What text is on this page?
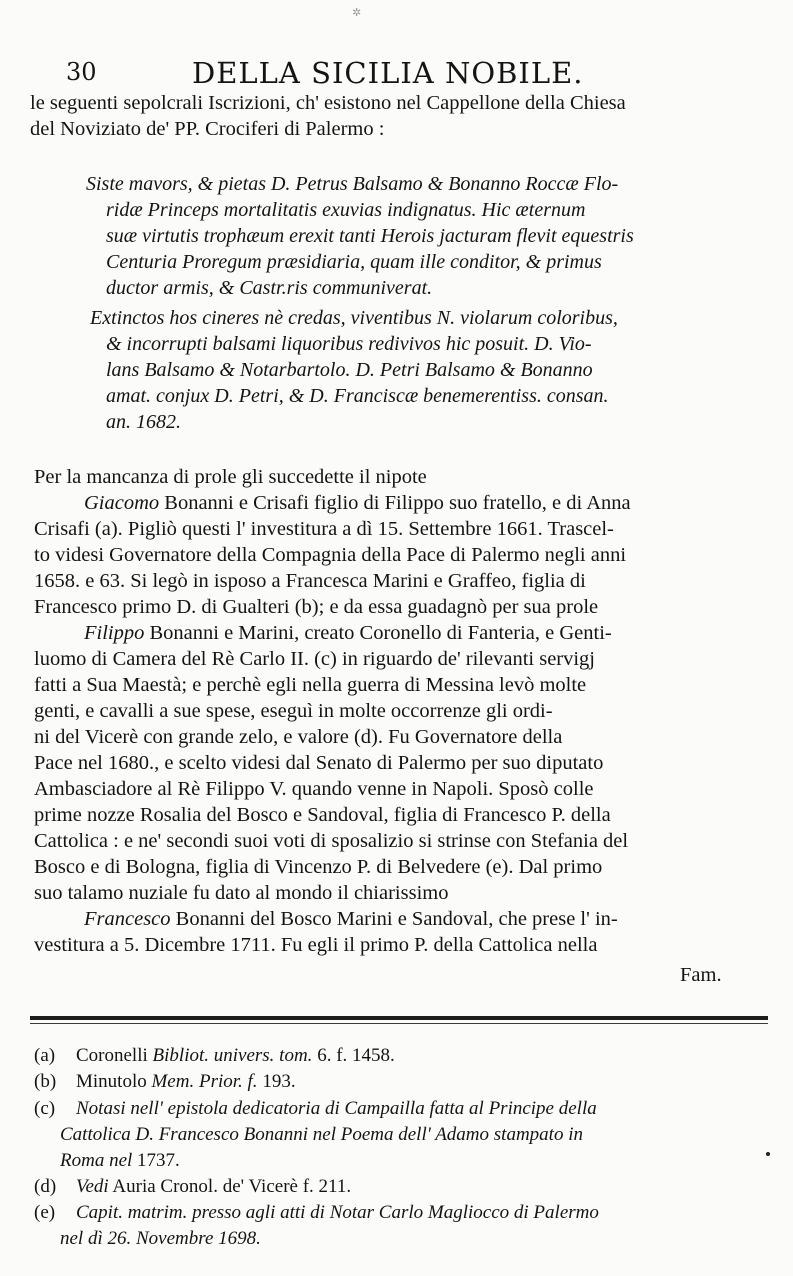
✲
30	DELLA SICILIA NOBILE.
le seguenti sepolcrali Iscrizioni, ch' esistono nel Cappellone della Chiesa
del Noviziato de' PP. Crociferi di Palermo :
Siste mavors, & pietas D. Petrus Balsamo & Bonanno Roccæ Flo-
ridæ Princeps mortalitatis exuvias indignatus. Hic æternum
suæ virtutis trophæum erexit tanti Herois jacturam flevit equestris
Centuria Proregum præsidiaria, quam ille conditor, & primus
ductor armis, & Castr.ris communiverat.
Extinctos hos cineres nè credas, viventibus N. violarum coloribus,
& incorrupti balsami liquoribus redivivos hic posuit. D. Vio-
lans Balsamo & Notarbartolo. D. Petri Balsamo & Bonanno
amat. conjux D. Petri, & D. Franciscæ benemerentiss. consan.
an. 1682.
Per la mancanza di prole gli succedette il nipote
Giacomo Bonanni e Crisafi figlio di Filippo suo fratello, e di Anna
Crisafi (a). Pigliò questi l' investitura a dì 15. Settembre 1661. Trascel-
to videsi Governatore della Compagnia della Pace di Palermo negli anni
1658. e 63. Si legò in isposo a Francesca Marini e Graffeo, figlia di
Francesco primo D. di Gualteri (b); e da essa guadagnò per sua prole
Filippo Bonanni e Marini, creato Coronello di Fanteria, e Genti-
luomo di Camera del Rè Carlo II. (c) in riguardo de' rilevanti servigj
fatti a Sua Maestà; e perchè egli nella guerra di Messina levò molte
genti, e cavalli a sue spese, eseguì in molte occorrenze gli ordi-
ni del Vicerè con grande zelo, e valore (d). Fu Governatore della
Pace nel 1680., e scelto videsi dal Senato di Palermo per suo diputato
Ambasciadore al Rè Filippo V. quando venne in Napoli. Sposò colle
prime nozze Rosalia del Bosco e Sandoval, figlia di Francesco P. della
Cattolica : e ne' secondi suoi voti di sposalizio si strinse con Stefania del
Bosco e di Bologna, figlia di Vincenzo P. di Belvedere (e). Dal primo
suo talamo nuziale fu dato al mondo il chiarissimo
Francesco Bonanni del Bosco Marini e Sandoval, che prese l' in-
vestitura a 5. Dicembre 1711. Fu egli il primo P. della Cattolica nella
Fam.
(a) Coronelli Bibliot. univers. tom. 6. f. 1458.
(b) Minutolo Mem. Prior. f. 193.
(c) Notasi nell' epistola dedicatoria di Campailla fatta al Principe della
Cattolica D. Francesco Bonanni nel Poema dell' Adamo stampato in
Roma nel 1737.
(d) Vedi Auria Cronol. de' Vicerè f. 211.
(e) Capit. matrim. presso agli atti di Notar Carlo Magliocco di Palermo
nel dì 26. Novembre 1698.
